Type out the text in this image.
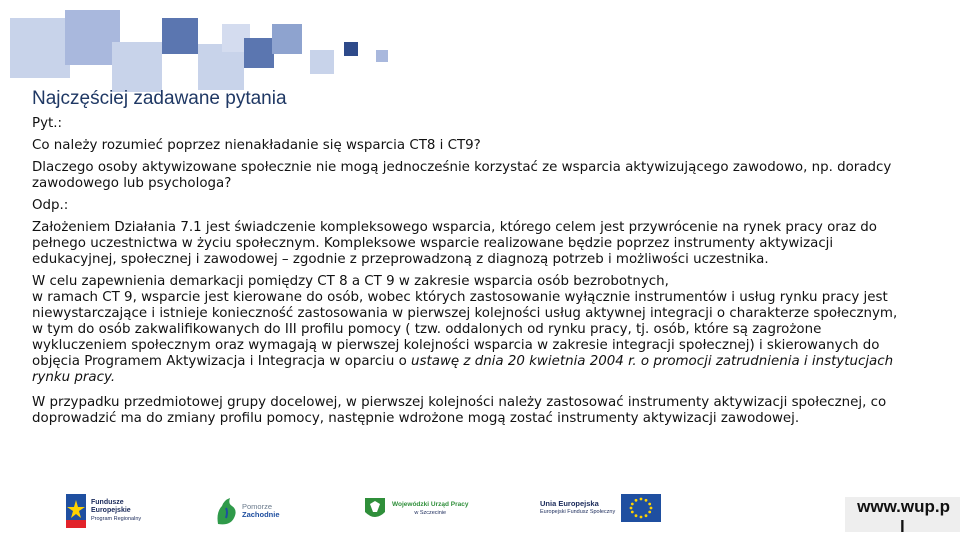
Najczęściej zadawane pytania

Pyt.:

Co należy rozumieć poprzez nienakładanie się wsparcia CT8 i CT9?

Dlaczego osoby aktywizowane społecznie nie mogą jednocześnie korzystać ze wsparcia aktywizującego zawodowo, np. doradcy zawodowego lub psychologa?

Odp.:

Założeniem Działania 7.1 jest świadczenie kompleksowego wsparcia, którego celem jest przywrócenie na rynek pracy oraz do pełnego uczestnictwa w życiu społecznym. Kompleksowe wsparcie realizowane będzie poprzez instrumenty aktywizacji edukacyjnej, społecznej i zawodowej – zgodnie z przeprowadzoną z diagnozą potrzeb i możliwości uczestnika.

W celu zapewnienia demarkacji pomiędzy CT 8 a CT 9 w zakresie wsparcia osób bezrobotnych,
w ramach CT 9, wsparcie jest kierowane do osób, wobec których zastosowanie wyłącznie instrumentów i usług rynku pracy jest niewystarczające i istnieje konieczność zastosowania w pierwszej kolejności usług aktywnej integracji o charakterze społecznym, w tym do osób zakwalifikowanych do III profilu pomocy ( tzw. oddalonych od rynku pracy, tj. osób, które są zagrożone wykluczeniem społecznym oraz wymagają w pierwszej kolejności wsparcia w zakresie integracji społecznej) i skierowanych do objęcia Programem Aktywizacja i Integracja w oparciu o ustawę z dnia 20 kwietnia 2004 r. o promocji zatrudnienia i instytucjach rynku pracy.

W przypadku przedmiotowej grupy docelowej, w pierwszej kolejności należy zastosować instrumenty aktywizacji społecznej, co doprowadzić ma do zmiany profilu pomocy, następnie wdrożone mogą zostać instrumenty aktywizacji zawodowej.

Fundusze
Europejskie
Program Regionalny
Pomorze
Zachodnie
Wojewódzki Urząd Pracy
w Szczecinie
Unia Europejska
Europejski Fundusz Społeczny	www.wup.p
l
